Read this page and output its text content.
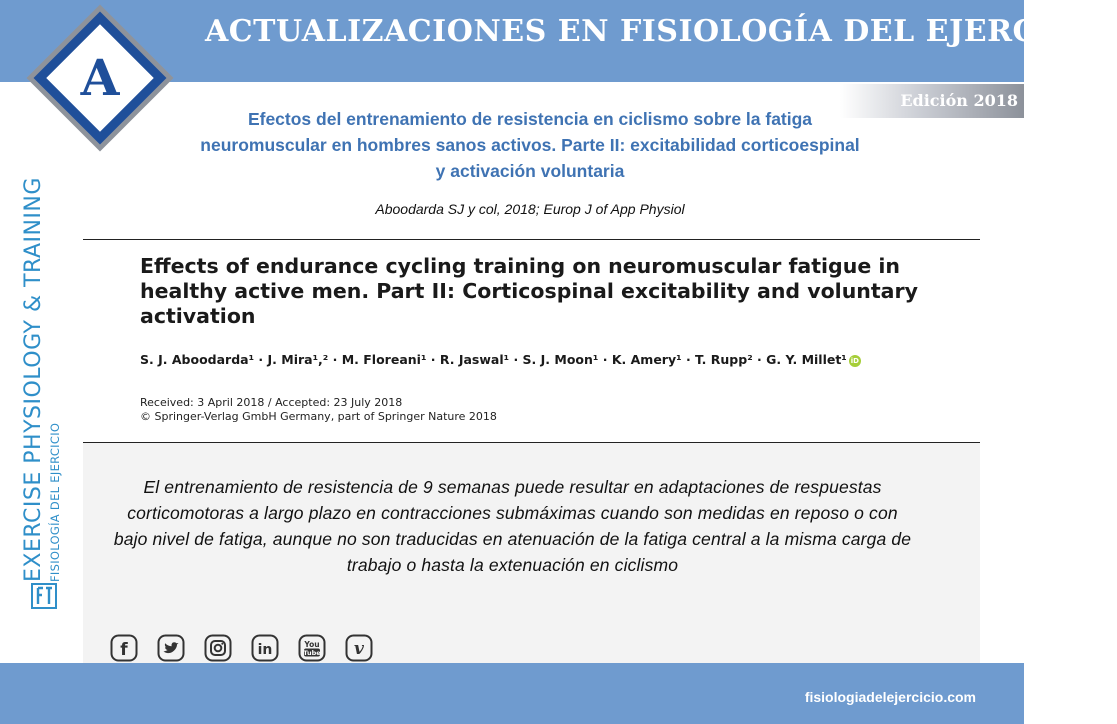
ACTUALIZACIONES EN FISIOLOGÍA DEL EJERCICIO
A	Edición 2018
Efectos del entrenamiento de resistencia en ciclismo sobre la fatiga neuromuscular en hombres sanos activos. Parte II: excitabilidad corticoespinal y activación voluntaria
Aboodarda SJ y col, 2018; Europ J of App Physiol
Effects of endurance cycling training on neuromuscular fatigue in healthy active men. Part II: Corticospinal excitability and voluntary activation
S. J. Aboodarda¹ · J. Mira¹,² · M. Floreani¹ · R. Jaswal¹ · S. J. Moon¹ · K. Amery¹ · T. Rupp² · G. Y. Millet¹ iD
Received: 3 April 2018 / Accepted: 23 July 2018
© Springer-Verlag GmbH Germany, part of Springer Nature 2018
El entrenamiento de resistencia de 9 semanas puede resultar en adaptaciones de respuestas corticomotoras a largo plazo en contracciones submáximas cuando son medidas en reposo o con bajo nivel de fatiga, aunque no son traducidas en atenuación de la fatiga central a la misma carga de trabajo o hasta la extenuación en ciclismo
EXERCISE PHYSIOLOGY & TRAINING FISIOLOGÍA DEL EJERCICIO
f	in	You
Tube v
fisiologiadelejercicio.com
